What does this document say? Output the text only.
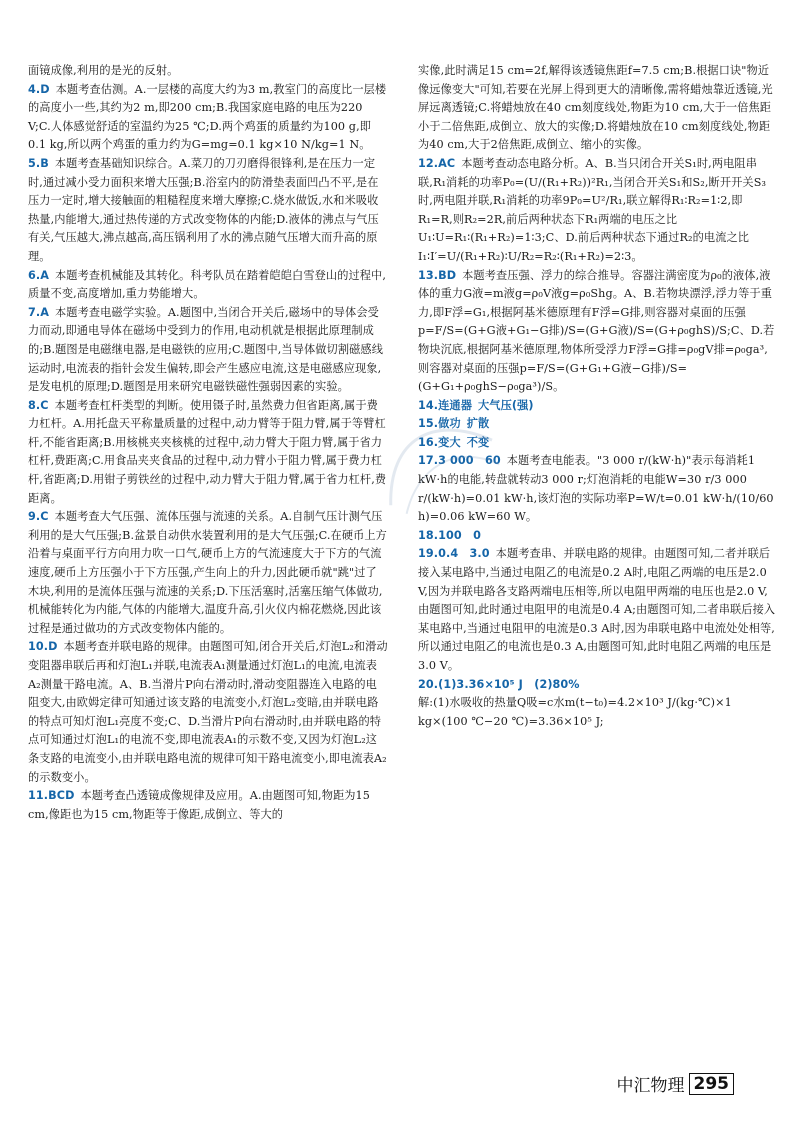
面镜成像,利用的是光的反射。
4.D 本题考查估测。A.一层楼的高度大约为3 m,教室门的高度比一层楼的高度小一些,其约为2 m,即200 cm;B.我国家庭电路的电压为220 V;C.人体感觉舒适的室温约为25 ℃;D.两个鸡蛋的质量约为100 g,即0.1 kg,所以两个鸡蛋的重力约为G=mg=0.1 kg×10 N/kg=1 N。
5.B 本题考查基础知识综合。A.菜刀的刀刃磨得很锋利,是在压力一定时,通过减小受力面积来增大压强;B.浴室内的防滑垫表面凹凸不平,是在压力一定时,增大接触面的粗糙程度来增大摩擦;C.烧水做饭,水和米吸收热量,内能增大,通过热传递的方式改变物体的内能;D.液体的沸点与气压有关,气压越大,沸点越高,高压锅利用了水的沸点随气压增大而升高的原理。
6.A 本题考查机械能及其转化。科考队员在踏着皑皑白雪登山的过程中,质量不变,高度增加,重力势能增大。
7.A 本题考查电磁学实验。A.题图中,当闭合开关后,磁场中的导体会受力而动,即通电导体在磁场中受到力的作用,电动机就是根据此原理制成的;B.题图是电磁继电器,是电磁铁的应用;C.题图中,当导体做切割磁感线运动时,电流表的指针会发生偏转,即会产生感应电流,这是电磁感应现象,是发电机的原理;D.题图是用来研究电磁铁磁性强弱因素的实验。
8.C 本题考查杠杆类型的判断。使用镊子时,虽然费力但省距离,属于费力杠杆。A.用托盘天平称量质量的过程中,动力臂等于阻力臂,属于等臂杠杆,不能省距离;B.用核桃夹夹核桃的过程中,动力臂大于阻力臂,属于省力杠杆,费距离;C.用食品夹夹食品的过程中,动力臂小于阻力臂,属于费力杠杆,省距离;D.用钳子剪铁丝的过程中,动力臂大于阻力臂,属于省力杠杆,费距离。
9.C 本题考查大气压强、流体压强与流速的关系。A.自制气压计测气压利用的是大气压强;B.盆景自动供水装置利用的是大气压强;C.在硬币上方沿着与桌面平行方向用力吹一口气,硬币上方的气流速度大于下方的气流速度,硬币上方压强小于下方压强,产生向上的升力,因此硬币就"跳"过了木块,利用的是流体压强与流速的关系;D.下压活塞时,活塞压缩气体做功,机械能转化为内能,气体的内能增大,温度升高,引火仪内棉花燃烧,因此该过程是通过做功的方式改变物体内能的。
10.D 本题考查并联电路的规律。由题图可知,闭合开关后,灯泡L₂和滑动变阻器串联后再和灯泡L₁并联,电流表A₁测量通过灯泡L₁的电流,电流表A₂测量干路电流。A、B.当滑片P向右滑动时,滑动变阻器连入电路的电阻变大,由欧姆定律可知通过该支路的电流变小,灯泡L₂变暗,由并联电路的特点可知灯泡L₁亮度不变;C、D.当滑片P向右滑动时,由并联电路的特点可知通过灯泡L₁的电流不变,即电流表A₁的示数不变,又因为灯泡L₂这条支路的电流变小,由并联电路电流的规律可知干路电流变小,即电流表A₂的示数变小。
11.BCD 本题考查凸透镜成像规律及应用。A.由题图可知,物距为15 cm,像距也为15 cm,物距等于像距,成倒立、等大的
实像,此时满足15 cm=2f,解得该透镜焦距f=7.5 cm;B.根据口诀"物近像远像变大"可知,若要在光屏上得到更大的清晰像,需将蜡烛靠近透镜,光屏远离透镜;C.将蜡烛放在40 cm刻度线处,物距为10 cm,大于一倍焦距小于二倍焦距,成倒立、放大的实像;D.将蜡烛放在10 cm刻度线处,物距为40 cm,大于2倍焦距,成倒立、缩小的实像。
12.AC 本题考查动态电路分析。A、B.当只闭合开关S₁时,两电阻串联,R₁消耗的功率P₀=(U/(R₁+R₂))²R₁,当闭合开关S₁和S₂,断开开关S₃时,两电阻并联,R₁消耗的功率9P₀=U²/R₁,联立解得R₁∶R₂=1∶2,即R₁=R,则R₂=2R,前后两种状态下R₁两端的电压之比U₁∶U=R₁∶(R₁+R₂)=1∶3;C、D.前后两种状态下通过R₂的电流之比I₁∶I′=U/(R₁+R₂)∶U/R₂=R₂∶(R₁+R₂)=2∶3。
13.BD 本题考查压强、浮力的综合推导。容器注满密度为ρ₀的液体,液体的重力G液=m液g=ρ₀V液g=ρ₀Shg。A、B.若物块漂浮,浮力等于重力,即F浮=G₁,根据阿基米德原理有F浮=G排,则容器对桌面的压强p=F/S=(G+G液+G₁−G排)/S=(G+G液)/S=(G+ρ₀ghS)/S;C、D.若物块沉底,根据阿基米德原理,物体所受浮力F浮=G排=ρ₀gV排=ρ₀ga³,则容器对桌面的压强p=F/S=(G+G₁+G液−G排)/S=(G+G₁+ρ₀ghS−ρ₀ga³)/S。
14.连通器 大气压(强)
15.做功 扩散
16.变大 不变
17.3 000　60 本题考查电能表。"3 000 r/(kW·h)"表示每消耗1 kW·h的电能,转盘就转动3 000 r;灯泡消耗的电能W=30 r/3 000 r/(kW·h)=0.01 kW·h,该灯泡的实际功率P=W/t=0.01 kW·h/(10/60 h)=0.06 kW=60 W。
18.100　0
19.0.4　3.0 本题考查串、并联电路的规律。由题图可知,二者并联后接入某电路中,当通过电阻乙的电流是0.2 A时,电阻乙两端的电压是2.0 V,因为并联电路各支路两端电压相等,所以电阻甲两端的电压也是2.0 V,由题图可知,此时通过电阻甲的电流是0.4 A;由题图可知,二者串联后接入某电路中,当通过电阻甲的电流是0.3 A时,因为串联电路中电流处处相等,所以通过电阻乙的电流也是0.3 A,由题图可知,此时电阻乙两端的电压是3.0 V。
20.(1)3.36×10⁵ J　(2)80%
解:(1)水吸收的热量Q吸=c水m(t−t₀)=4.2×10³ J/(kg·℃)×1 kg×(100 ℃−20 ℃)=3.36×10⁵ J;
中汇物理 295
